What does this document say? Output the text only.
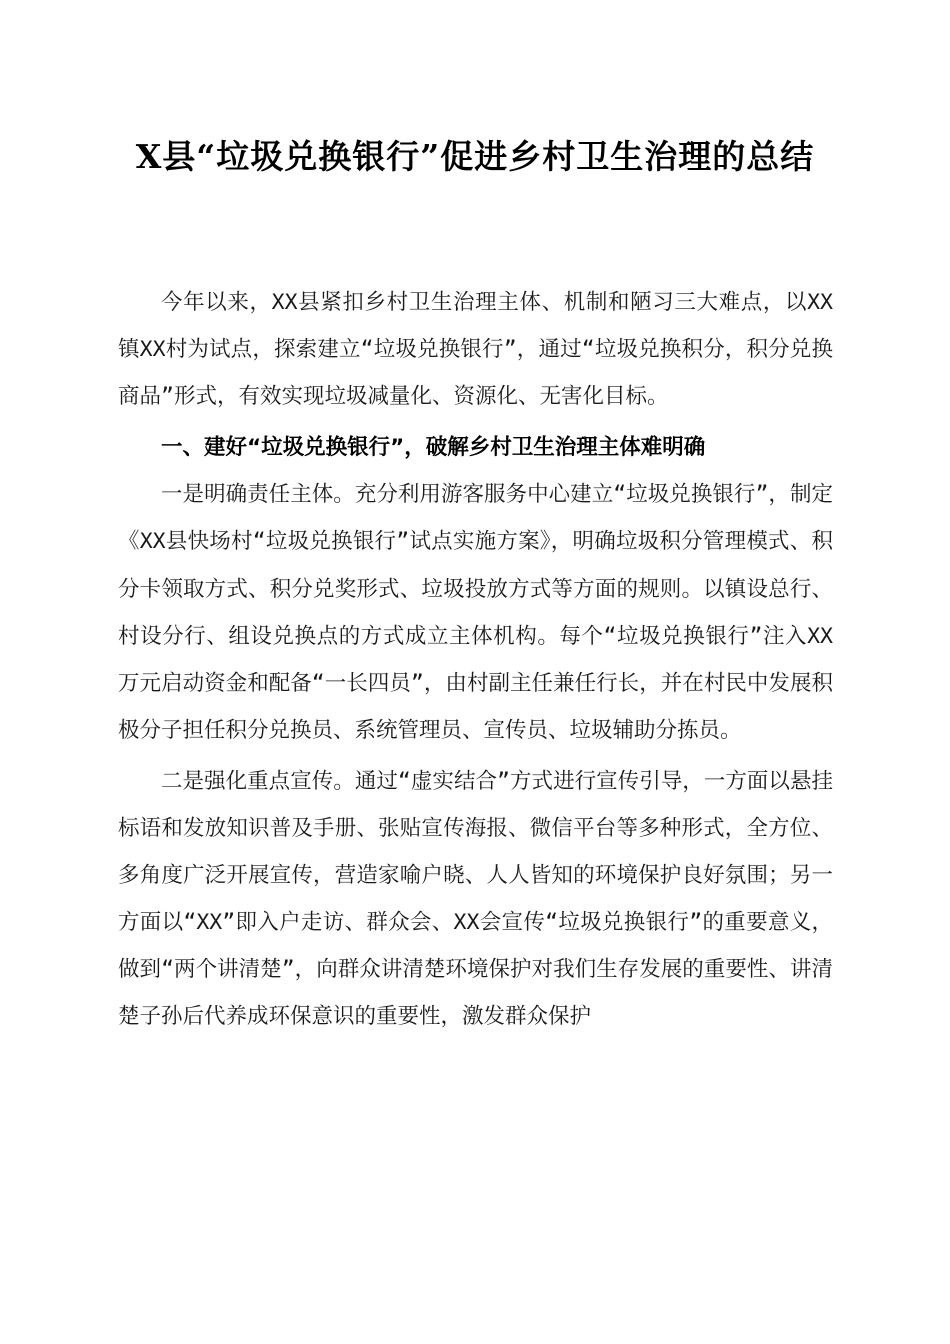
X县“垃圾兑换银行”促进乡村卫生治理的总结

今年以来，XX县紧扣乡村卫生治理主体、机制和陋习三大难点，以XX镇XX村为试点，探索建立“垃圾兑换银行”，通过“垃圾兑换积分，积分兑换商品”形式，有效实现垃圾减量化、资源化、无害化目标。

一、建好“垃圾兑换银行”，破解乡村卫生治理主体难明确

一是明确责任主体。充分利用游客服务中心建立“垃圾兑换银行”，制定《XX县快场村“垃圾兑换银行”试点实施方案》，明确垃圾积分管理模式、积分卡领取方式、积分兑奖形式、垃圾投放方式等方面的规则。以镇设总行、村设分行、组设兑换点的方式成立主体机构。每个“垃圾兑换银行”注入XX万元启动资金和配备“一长四员”，由村副主任兼任行长，并在村民中发展积极分子担任积分兑换员、系统管理员、宣传员、垃圾辅助分拣员。

二是强化重点宣传。通过“虚实结合”方式进行宣传引导，一方面以悬挂标语和发放知识普及手册、张贴宣传海报、微信平台等多种形式，全方位、多角度广泛开展宣传，营造家喻户晓、人人皆知的环境保护良好氛围；另一方面以“XX”即入户走访、群众会、XX会宣传“垃圾兑换银行”的重要意义，做到“两个讲清楚”，向群众讲清楚环境保护对我们生存发展的重要性、讲清楚子孙后代养成环保意识的重要性，激发群众保护
